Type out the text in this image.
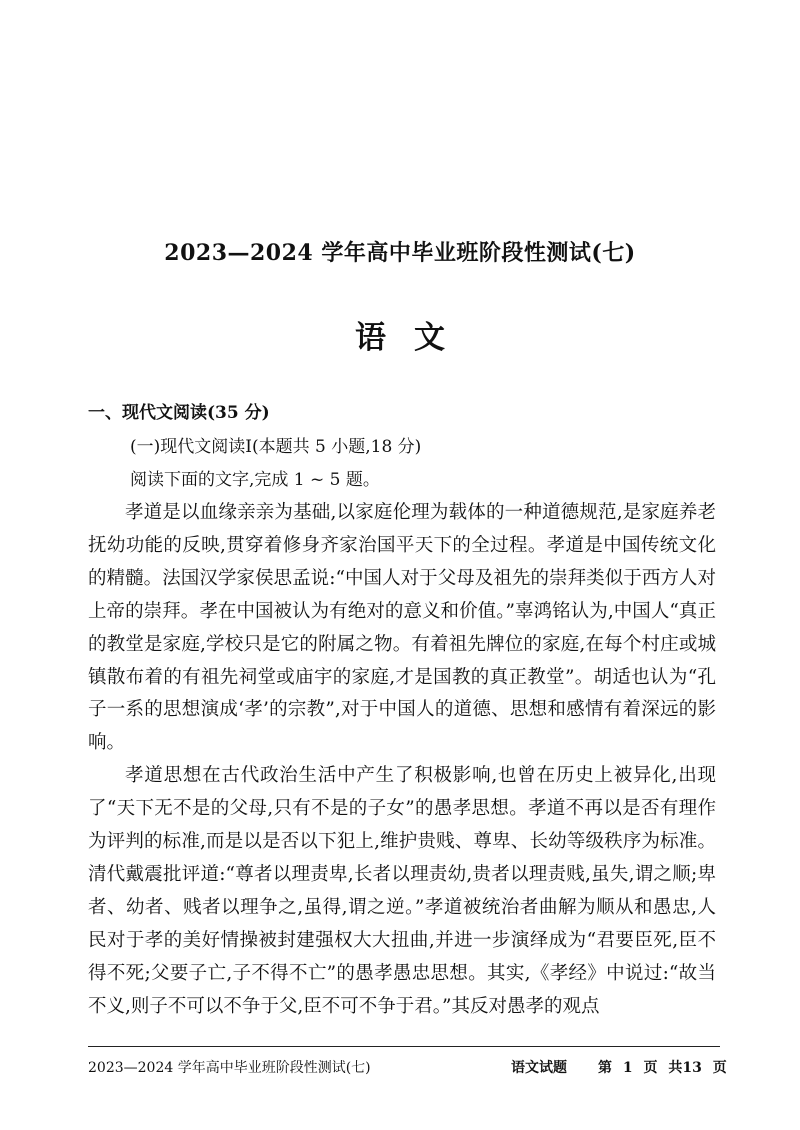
2023—2024 学年高中毕业班阶段性测试(七)
语文
一、现代文阅读(35 分)
(一)现代文阅读Ⅰ(本题共 5 小题,18 分)
阅读下面的文字,完成 1 ~ 5 题。

孝道是以血缘亲亲为基础,以家庭伦理为载体的一种道德规范,是家庭养老抚幼功能的反映,贯穿着修身齐家治国平天下的全过程。孝道是中国传统文化的精髓。法国汉学家侯思孟说:“中国人对于父母及祖先的崇拜类似于西方人对上帝的崇拜。孝在中国被认为有绝对的意义和价值。”辜鸿铭认为,中国人“真正的教堂是家庭,学校只是它的附属之物。有着祖先牌位的家庭,在每个村庄或城镇散布着的有祖先祠堂或庙宇的家庭,才是国教的真正教堂”。胡适也认为“孔子一系的思想演成‘孝’的宗教”,对于中国人的道德、思想和感情有着深远的影响。

孝道思想在古代政治生活中产生了积极影响,也曾在历史上被异化,出现了“天下无不是的父母,只有不是的子女”的愚孝思想。孝道不再以是否有理作为评判的标准,而是以是否以下犯上,维护贵贱、尊卑、长幼等级秩序为标准。清代戴震批评道:“尊者以理责卑,长者以理责幼,贵者以理责贱,虽失,谓之顺;卑者、幼者、贱者以理争之,虽得,谓之逆。”孝道被统治者曲解为顺从和愚忠,人民对于孝的美好情操被封建强权大大扭曲,并进一步演绎成为“君要臣死,臣不得不死;父要子亡,子不得不亡”的愚孝愚忠思想。其实,《孝经》中说过:“故当不义,则子不可以不争于父,臣不可不争于君。”其反对愚孝的观点

2023—2024 学年高中毕业班阶段性测试(七)	语文试题 第 1 页 共13 页
